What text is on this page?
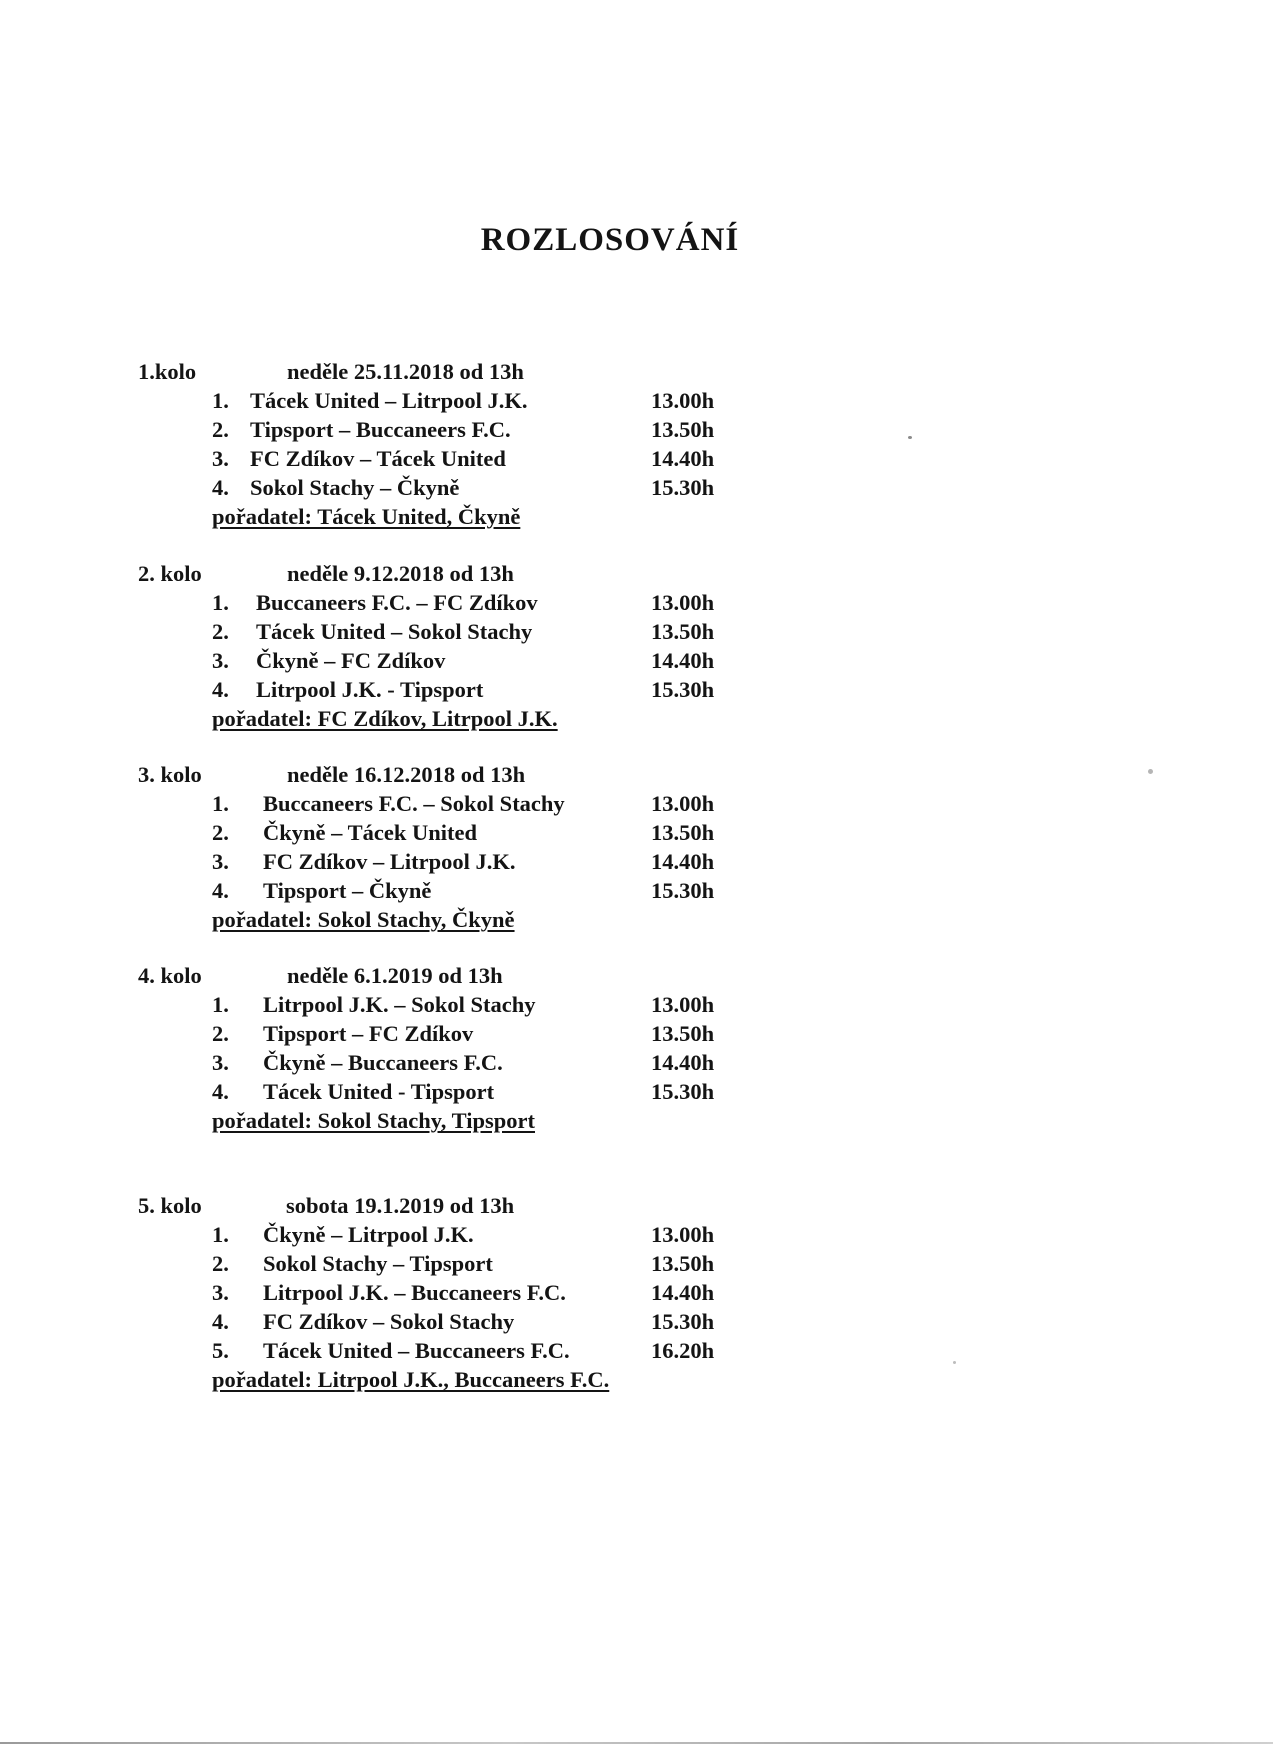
ROZLOSOVÁNÍ
1.kolo	neděle 25.11.2018 od 13h
1. Tácek United – Litrpool J.K.	13.00h
2. Tipsport – Buccaneers F.C.	13.50h
3. FC Zdíkov – Tácek United	14.40h
4. Sokol Stachy – Čkyně	15.30h
pořadatel: Tácek United, Čkyně
2. kolo	neděle 9.12.2018 od 13h
1. Buccaneers F.C. – FC Zdíkov	13.00h
2. Tácek United – Sokol Stachy	13.50h
3. Čkyně – FC Zdíkov	14.40h
4. Litrpool J.K. - Tipsport	15.30h
pořadatel: FC Zdíkov, Litrpool J.K.
3. kolo	neděle 16.12.2018 od 13h
1. Buccaneers F.C. – Sokol Stachy	13.00h
2. Čkyně – Tácek United	13.50h
3. FC Zdíkov – Litrpool J.K.	14.40h
4. Tipsport – Čkyně	15.30h
pořadatel: Sokol Stachy, Čkyně
4. kolo	neděle 6.1.2019 od 13h
1. Litrpool J.K. – Sokol Stachy	13.00h
2. Tipsport – FC Zdíkov	13.50h
3. Čkyně – Buccaneers F.C.	14.40h
4. Tácek United - Tipsport	15.30h
pořadatel: Sokol Stachy, Tipsport
5. kolo	sobota 19.1.2019 od 13h
1. Čkyně – Litrpool J.K.	13.00h
2. Sokol Stachy – Tipsport	13.50h
3. Litrpool J.K. – Buccaneers F.C.	14.40h
4. FC Zdíkov – Sokol Stachy	15.30h
5. Tácek United – Buccaneers F.C.	16.20h
pořadatel: Litrpool J.K., Buccaneers F.C.
